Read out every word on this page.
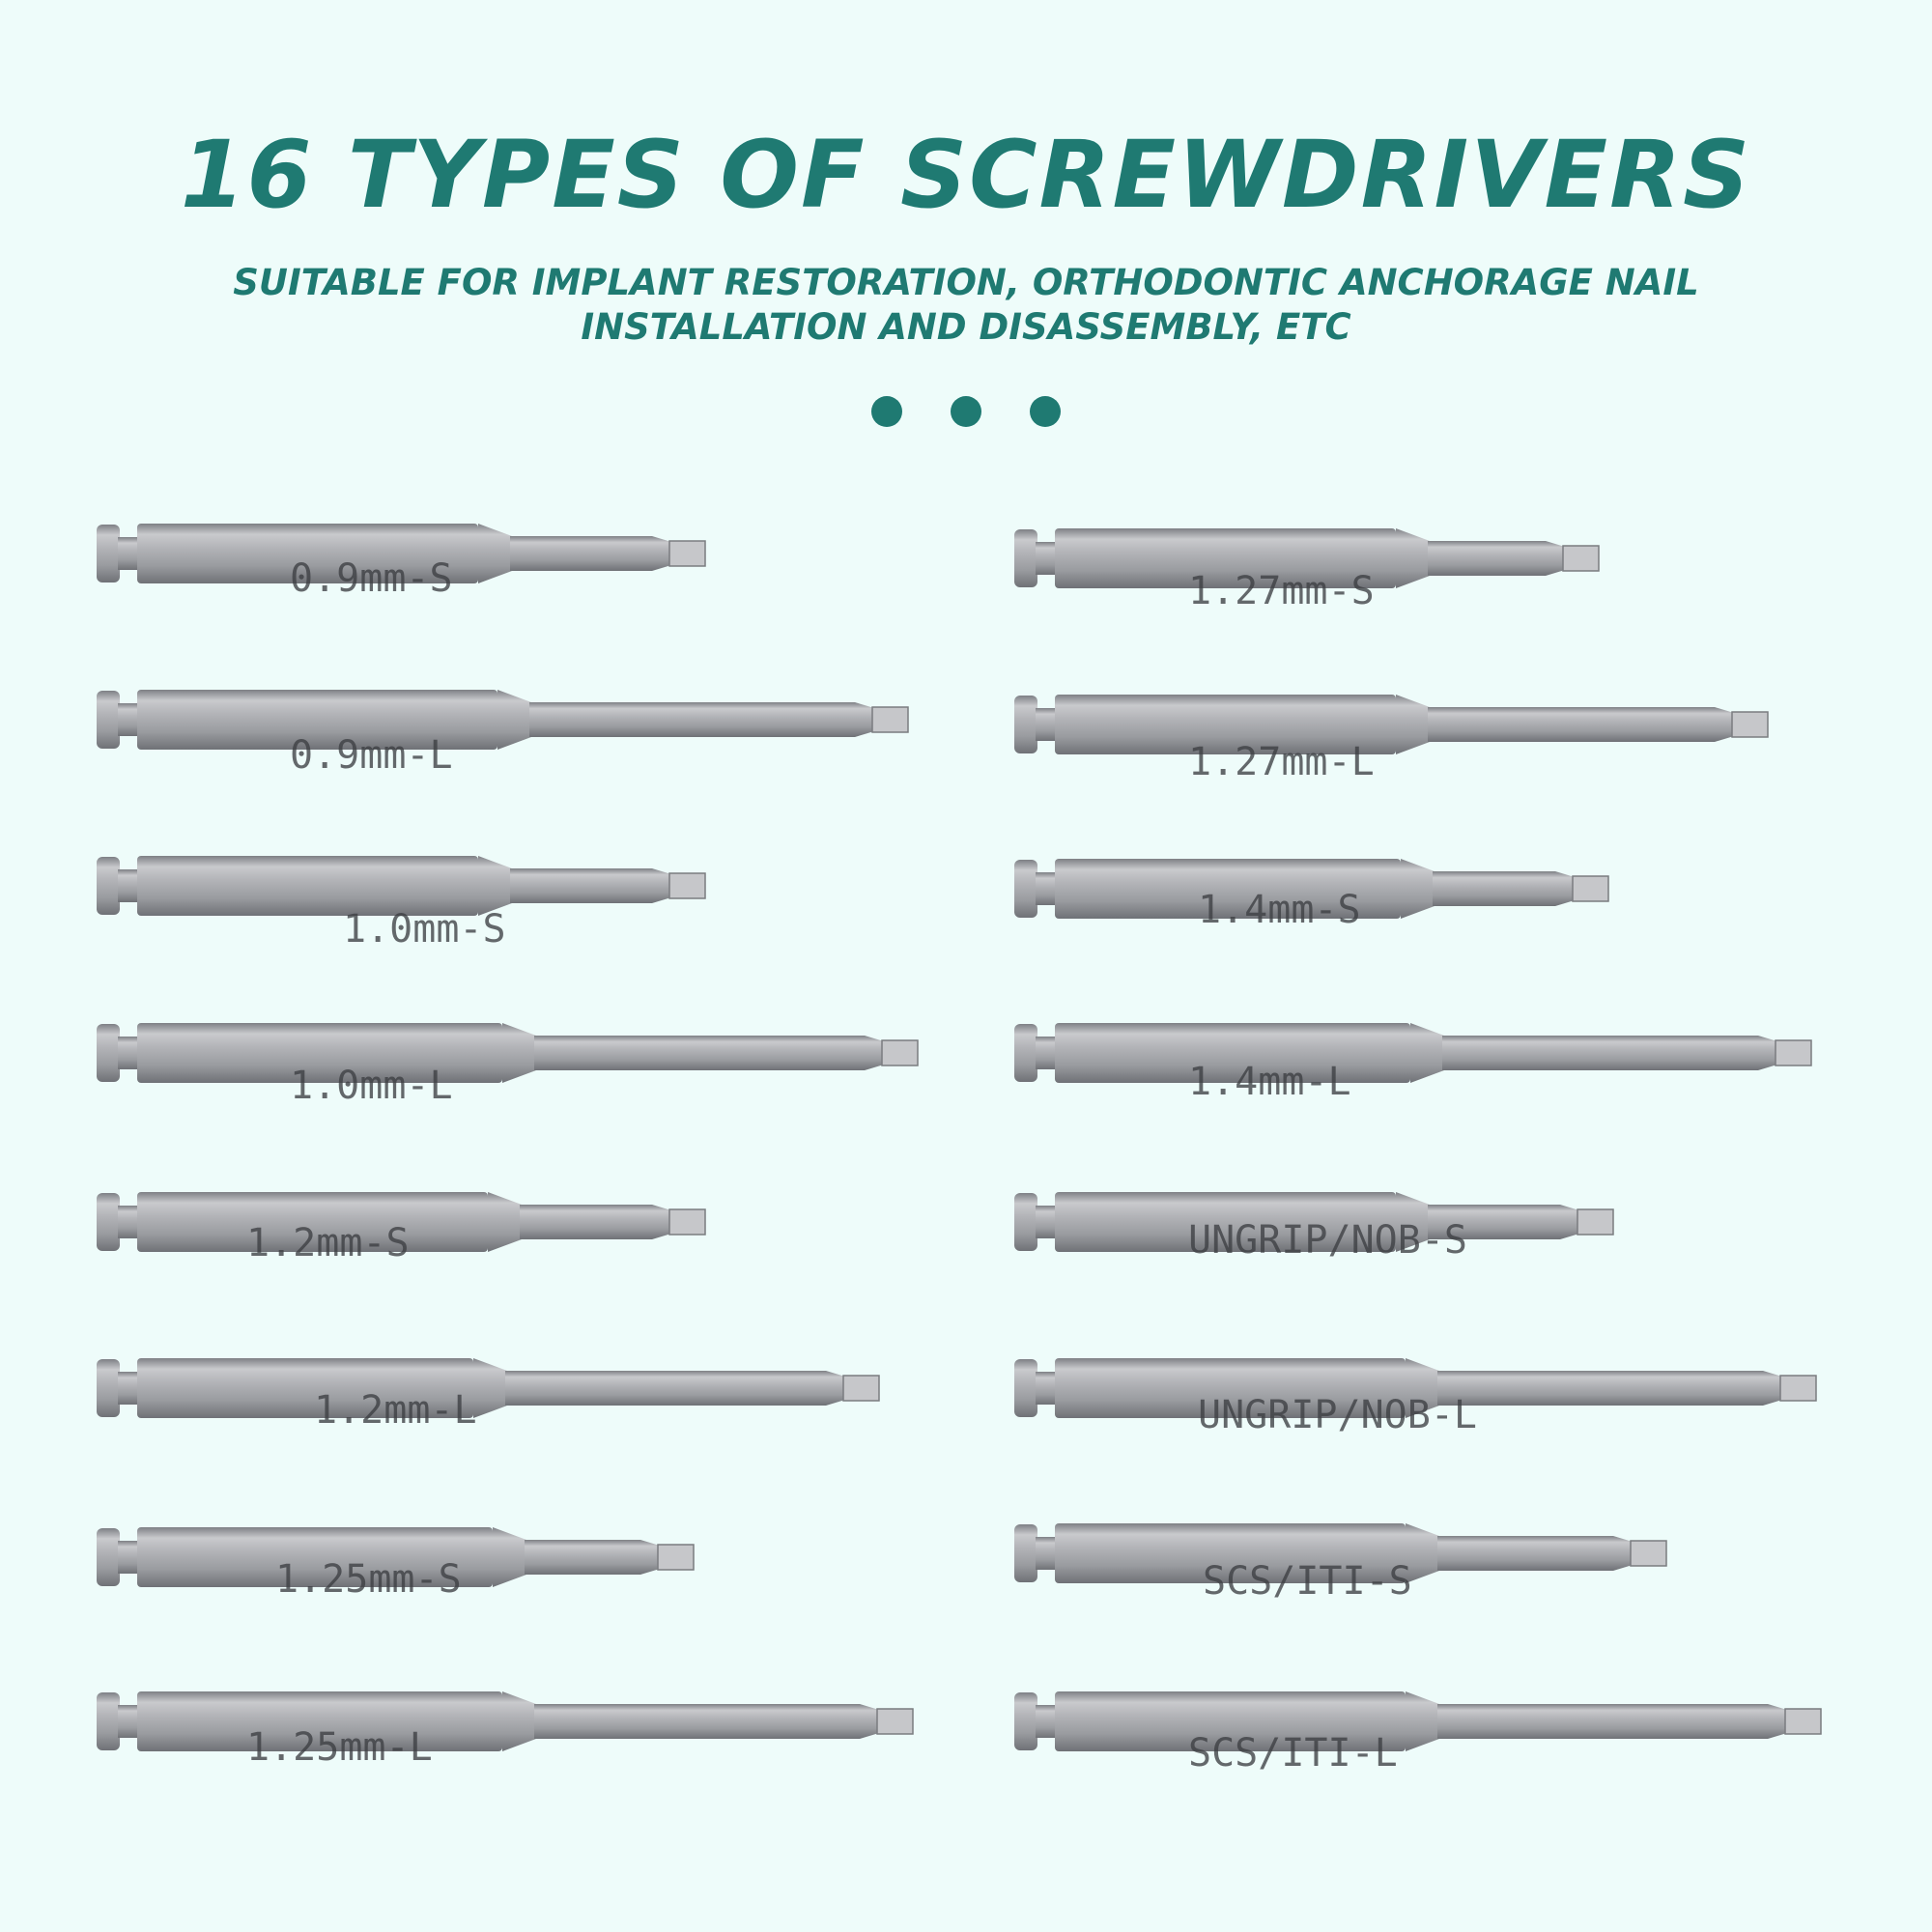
16 TYPES OF SCREWDRIVERS

SUITABLE FOR IMPLANT RESTORATION, ORTHODONTIC ANCHORAGE NAIL
INSTALLATION AND DISASSEMBLY, ETC

0.9mm-S
0.9mm-L
1.0mm-S
1.0mm-L
1.2mm-S
1.2mm-L
1.25mm-S
1.25mm-L
1.27mm-S
1.27mm-L
1.4mm-S
1.4mm-L
UNGRIP/NOB-S
UNGRIP/NOB-L
SCS/ITI-S
SCS/ITI-L
